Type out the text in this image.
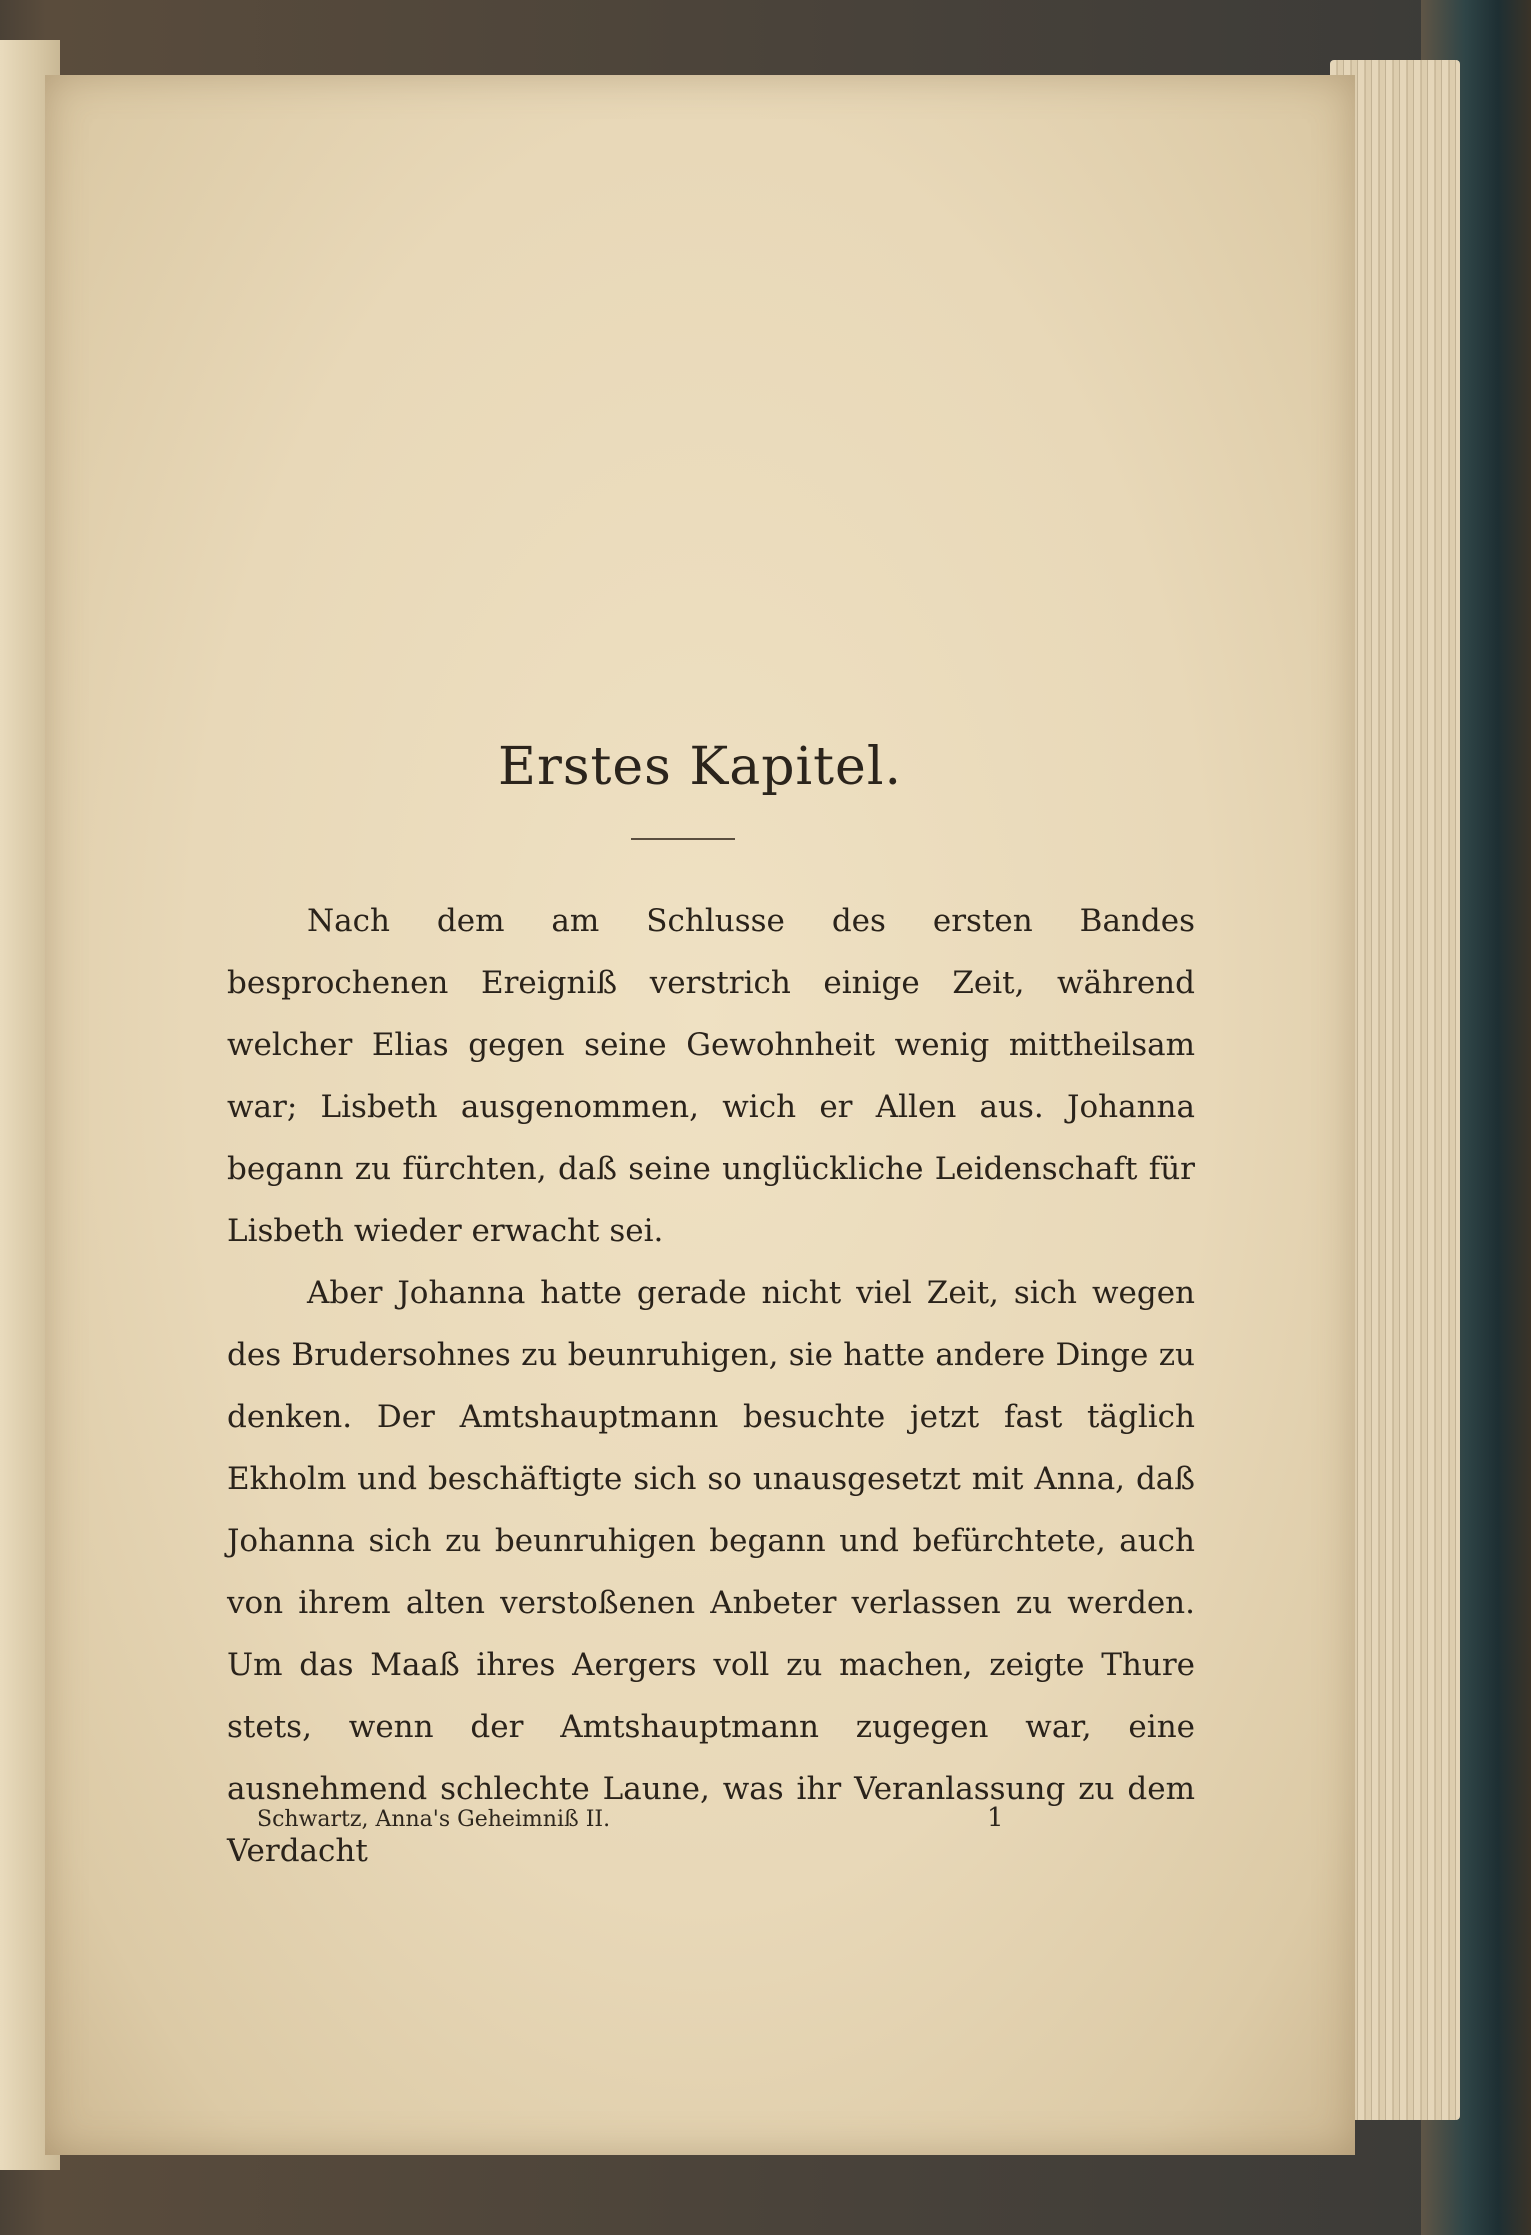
Erstes Kapitel.

Nach dem am Schlusse des ersten Bandes besprochenen Ereigniß verstrich einige Zeit, während welcher Elias gegen seine Gewohnheit wenig mittheilsam war; Lisbeth ausgenommen, wich er Allen aus. Johanna begann zu fürchten, daß seine unglückliche Leidenschaft für Lisbeth wieder erwacht sei.

Aber Johanna hatte gerade nicht viel Zeit, sich wegen des Brudersohnes zu beunruhigen, sie hatte andere Dinge zu denken. Der Amtshauptmann besuchte jetzt fast täglich Ekholm und beschäftigte sich so unausgesetzt mit Anna, daß Johanna sich zu beunruhigen begann und befürchtete, auch von ihrem alten verstoßenen Anbeter verlassen zu werden. Um das Maaß ihres Aergers voll zu machen, zeigte Thure stets, wenn der Amtshauptmann zugegen war, eine ausnehmend schlechte Laune, was ihr Veranlassung zu dem Verdacht

Schwartz, Anna's Geheimniß II.	1
